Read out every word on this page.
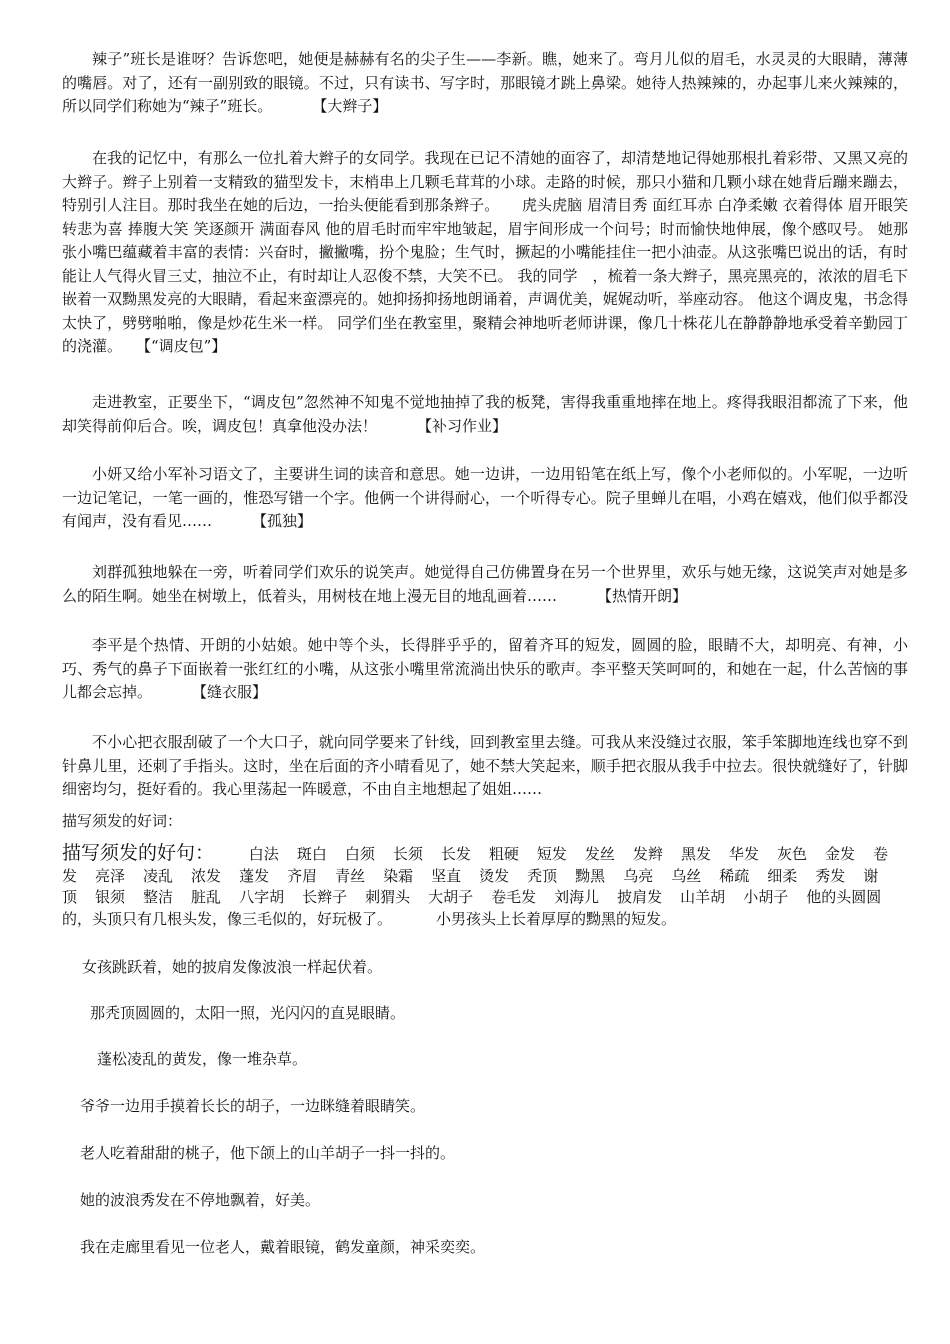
辣子”班长是谁呀？告诉您吧，她便是赫赫有名的尖子生——李新。瞧，她来了。弯月儿似的眉毛，水灵灵的大眼睛，薄薄的嘴唇。对了，还有一副别致的眼镜。不过，只有读书、写字时，那眼镜才跳上鼻梁。她待人热辣辣的，办起事儿来火辣辣的，所以同学们称她为“辣子”班长。	【大辫子】

在我的记忆中，有那么一位扎着大辫子的女同学。我现在已记不清她的面容了，却清楚地记得她那根扎着彩带、又黑又亮的大辫子。辫子上别着一支精致的猫型发卡，末梢串上几颗毛茸茸的小球。走路的时候，那只小猫和几颗小球在她背后蹦来蹦去，特别引人注目。那时我坐在她的后边，一抬头便能看到那条辫子。　　虎头虎脑 眉清目秀 面红耳赤 白净柔嫩 衣着得体 眉开眼笑 转悲为喜 捧腹大笑 笑逐颜开 满面春风 他的眉毛时而牢牢地皱起，眉宇间形成一个问号；时而愉快地伸展，像个感叹号。 她那张小嘴巴蕴藏着丰富的表情：兴奋时，撇撇嘴，扮个鬼脸；生气时，撅起的小嘴能挂住一把小油壶。从这张嘴巴说出的话，有时能让人气得火冒三丈，抽泣不止，有时却让人忍俊不禁，大笑不已。 我的同学　，梳着一条大辫子，黑亮黑亮的，浓浓的眉毛下嵌着一双黝黑发亮的大眼睛，看起来蛮漂亮的。她抑扬抑扬地朗诵着，声调优美，娓娓动听，举座动容。 他这个调皮鬼，书念得太快了，劈劈啪啪，像是炒花生米一样。 同学们坐在教室里，聚精会神地听老师讲课，像几十株花儿在静静静地承受着辛勤园丁的浇灌。 【“调皮包”】

走进教室，正要坐下，“调皮包”忽然神不知鬼不觉地抽掉了我的板凳，害得我重重地摔在地上。疼得我眼泪都流了下来，他却笑得前仰后合。唉，调皮包！真拿他没办法！	【补习作业】

小妍又给小军补习语文了，主要讲生词的读音和意思。她一边讲，一边用铅笔在纸上写，像个小老师似的。小军呢，一边听一边记笔记，一笔一画的，惟恐写错一个字。他俩一个讲得耐心，一个听得专心。院子里蝉儿在唱，小鸡在嬉戏，他们似乎都没有闻声，没有看见……	【孤独】

刘群孤独地躲在一旁，听着同学们欢乐的说笑声。她觉得自己仿佛置身在另一个世界里，欢乐与她无缘，这说笑声对她是多么的陌生啊。她坐在树墩上，低着头，用树枝在地上漫无目的地乱画着……	【热情开朗】

李平是个热情、开朗的小姑娘。她中等个头，长得胖乎乎的，留着齐耳的短发，圆圆的脸，眼睛不大，却明亮、有神，小巧、秀气的鼻子下面嵌着一张红红的小嘴，从这张小嘴里常流淌出快乐的歌声。李平整天笑呵呵的，和她在一起，什么苦恼的事儿都会忘掉。	【缝衣服】

不小心把衣服刮破了一个大口子，就向同学要来了针线，回到教室里去缝。可我从来没缝过衣服，笨手笨脚地连线也穿不到针鼻儿里，还刺了手指头。这时，坐在后面的齐小晴看见了，她不禁大笑起来，顺手把衣服从我手中拉去。很快就缝好了，针脚细密均匀，挺好看的。我心里荡起一阵暖意，不由自主地想起了姐姐……

描写须发的好词：

描写须发的好句： 白法 斑白 白须 长须 长发 粗硬 短发 发丝 发辫 黑发 华发 灰色 金发 卷发 亮泽 凌乱 浓发 蓬发 齐眉 青丝 染霜 坚直 烫发 秃顶 黝黑 乌亮 乌丝 稀疏 细柔 秀发 谢顶 银须 整洁 脏乱 八字胡 长辫子 刺猬头 大胡子 卷毛发 刘海儿 披肩发 山羊胡 小胡子 他的头圆圆的，头顶只有几根头发，像三毛似的，好玩极了。	小男孩头上长着厚厚的黝黑的短发。

女孩跳跃着，她的披肩发像波浪一样起伏着。

那秃顶圆圆的，太阳一照，光闪闪的直晃眼睛。

蓬松凌乱的黄发，像一堆杂草。

爷爷一边用手摸着长长的胡子，一边眯缝着眼睛笑。

老人吃着甜甜的桃子，他下颌上的山羊胡子一抖一抖的。

她的波浪秀发在不停地飘着，好美。

我在走廊里看见一位老人，戴着眼镜，鹤发童颜，神采奕奕。
